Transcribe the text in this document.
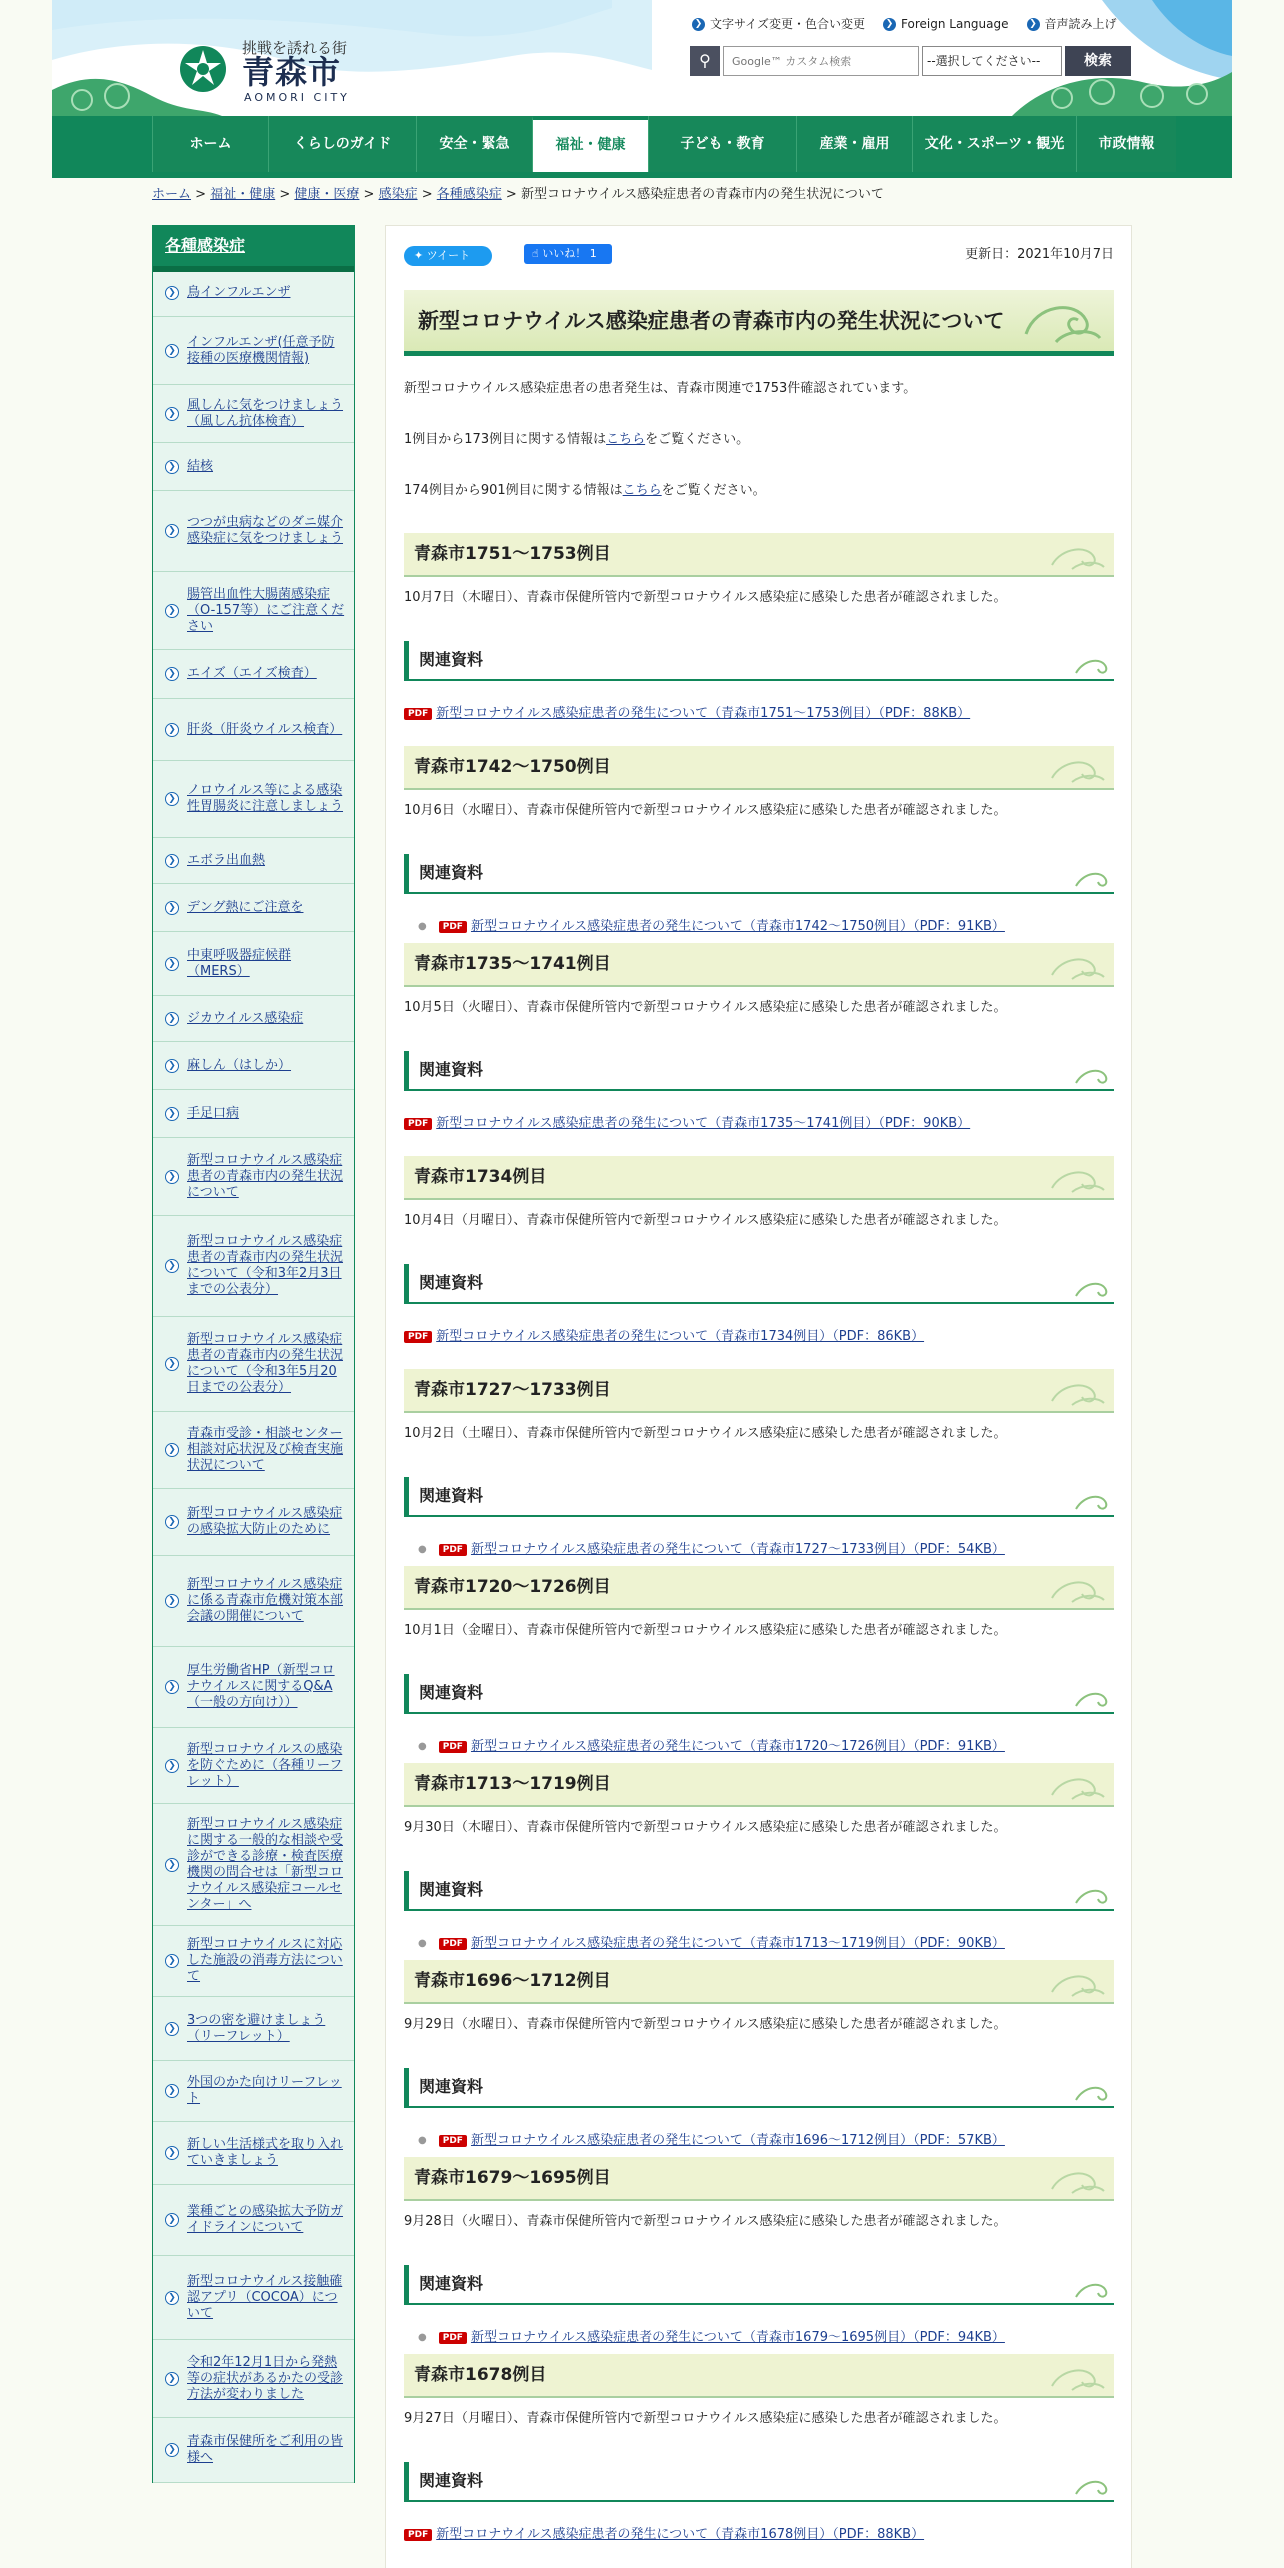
挑戦を誘れる街
青森市
AOMORI CITY
❯ 文字サイズ変更・色合い変更	❯ Foreign Language	❯ 音声読み上げ
⚲
Google™ カスタム検索	--選択してください--	検索
ホーム	くらしのガイド	安全・緊急	福祉・健康	子ども・教育	産業・雇用	文化・スポーツ・観光	市政情報
ホーム > 福祉・健康 > 健康・医療 > 感染症 > 各種感染症 > 新型コロナウイルス感染症患者の青森市内の発生状況について
各種感染症
❯ 鳥インフルエンザ
❯
インフルエンザ(任意予防接種の医療機関情報)
❯
風しんに気をつけましょう（風しん抗体検査）
❯ 結核
❯
つつが虫病などのダニ媒介感染症に気をつけましょう
❯
腸管出血性大腸菌感染症（O-157等）にご注意ください
❯ エイズ（エイズ検査）
❯ 肝炎（肝炎ウイルス検査）
❯
ノロウイルス等による感染性胃腸炎に注意しましょう
❯ エボラ出血熱
❯ デング熱にご注意を
❯
中東呼吸器症候群（MERS）
❯ ジカウイルス感染症
❯ 麻しん（はしか）
❯ 手足口病
❯
新型コロナウイルス感染症患者の青森市内の発生状況について
❯
新型コロナウイルス感染症患者の青森市内の発生状況について（令和3年2月3日までの公表分）
❯
新型コロナウイルス感染症患者の青森市内の発生状況について（令和3年5月20日までの公表分）
❯
青森市受診・相談センター相談対応状況及び検査実施状況について
❯
新型コロナウイルス感染症の感染拡大防止のために
❯
新型コロナウイルス感染症に係る青森市危機対策本部会議の開催について
❯
厚生労働省HP（新型コロナウイルスに関するQ&A（一般の方向け））
❯
新型コロナウイルスの感染を防ぐために（各種リーフレット）
❯
新型コロナウイルス感染症に関する一般的な相談や受診ができる診療・検査医療機関の問合せは「新型コロナウイルス感染症コールセンター」へ
❯
新型コロナウイルスに対応した施設の消毒方法について
❯
3つの密を避けましょう（リーフレット）
❯
外国のかた向けリーフレット
❯
新しい生活様式を取り入れていきましょう
❯
業種ごとの感染拡大予防ガイドラインについて
❯
新型コロナウイルス接触確認アプリ（COCOA）について
❯
令和2年12月1日から発熱等の症状があるかたの受診方法が変わりました
❯
青森市保健所をご利用の皆様へ
✦ ツイート	☝ いいね！ 1	更新日：2021年10月7日
新型コロナウイルス感染症患者の青森市内の発生状況について
新型コロナウイルス感染症患者の患者発生は、青森市関連で1753件確認されています。
1例目から173例目に関する情報はこちらをご覧ください。
174例目から901例目に関する情報はこちらをご覧ください。
青森市1751～1753例目
10月7日（木曜日）、青森市保健所管内で新型コロナウイルス感染症に感染した患者が確認されました。
関連資料
PDF 新型コロナウイルス感染症患者の発生について（青森市1751～1753例目）（PDF：88KB）
青森市1742～1750例目
10月6日（水曜日）、青森市保健所管内で新型コロナウイルス感染症に感染した患者が確認されました。
関連資料
●	PDF 新型コロナウイルス感染症患者の発生について（青森市1742～1750例目）（PDF：91KB）
青森市1735～1741例目
10月5日（火曜日）、青森市保健所管内で新型コロナウイルス感染症に感染した患者が確認されました。
関連資料
PDF 新型コロナウイルス感染症患者の発生について（青森市1735～1741例目）（PDF：90KB）
青森市1734例目
10月4日（月曜日）、青森市保健所管内で新型コロナウイルス感染症に感染した患者が確認されました。
関連資料
PDF 新型コロナウイルス感染症患者の発生について（青森市1734例目）（PDF：86KB）
青森市1727～1733例目
10月2日（土曜日）、青森市保健所管内で新型コロナウイルス感染症に感染した患者が確認されました。
関連資料
●	PDF 新型コロナウイルス感染症患者の発生について（青森市1727～1733例目）（PDF：54KB）
青森市1720～1726例目
10月1日（金曜日）、青森市保健所管内で新型コロナウイルス感染症に感染した患者が確認されました。
関連資料
●	PDF 新型コロナウイルス感染症患者の発生について（青森市1720～1726例目）（PDF：91KB）
青森市1713～1719例目
9月30日（木曜日）、青森市保健所管内で新型コロナウイルス感染症に感染した患者が確認されました。
関連資料
●	PDF 新型コロナウイルス感染症患者の発生について（青森市1713～1719例目）（PDF：90KB）
青森市1696～1712例目
9月29日（水曜日）、青森市保健所管内で新型コロナウイルス感染症に感染した患者が確認されました。
関連資料
●	PDF 新型コロナウイルス感染症患者の発生について（青森市1696～1712例目）（PDF：57KB）
青森市1679～1695例目
9月28日（火曜日）、青森市保健所管内で新型コロナウイルス感染症に感染した患者が確認されました。
関連資料
●	PDF 新型コロナウイルス感染症患者の発生について（青森市1679～1695例目）（PDF：94KB）
青森市1678例目
9月27日（月曜日）、青森市保健所管内で新型コロナウイルス感染症に感染した患者が確認されました。
関連資料
PDF 新型コロナウイルス感染症患者の発生について（青森市1678例目）（PDF：88KB）
